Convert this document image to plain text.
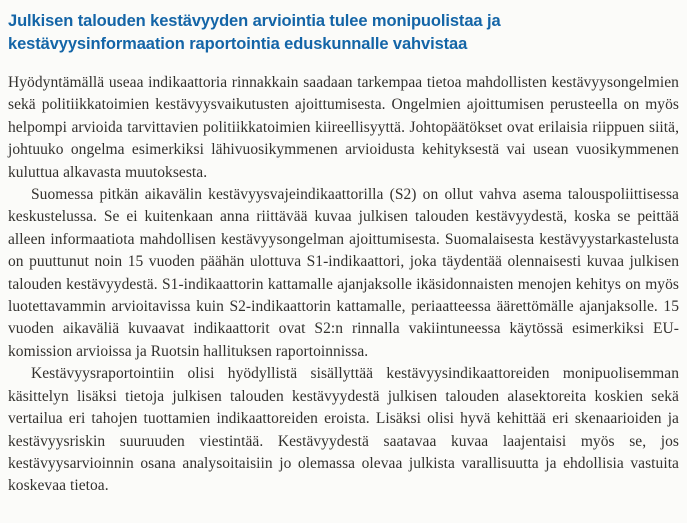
Julkisen talouden kestävyyden arviointia tulee monipuolistaa ja kestävyysinformaation raportointia eduskunnalle vahvistaa

Hyödyntämällä useaa indikaattoria rinnakkain saadaan tarkempaa tietoa mahdollisten kestävyysongelmien sekä politiikkatoimien kestävyysvaikutusten ajoittumisesta. Ongelmien ajoittumisen perusteella on myös helpompi arvioida tarvittavien politiikkatoimien kiireellisyyttä. Johtopäätökset ovat erilaisia riippuen siitä, johtuuko ongelma esimerkiksi lähivuosikymmenen arvioidusta kehityksestä vai usean vuosikymmenen kuluttua alkavasta muutoksesta.

Suomessa pitkän aikavälin kestävyysvajeindikaattorilla (S2) on ollut vahva asema talouspoliittisessa keskustelussa. Se ei kuitenkaan anna riittävää kuvaa julkisen talouden kestävyydestä, koska se peittää alleen informaatiota mahdollisen kestävyysongelman ajoittumisesta. Suomalaisesta kestävyystarkastelusta on puuttunut noin 15 vuoden päähän ulottuva S1-indikaattori, joka täydentää olennaisesti kuvaa julkisen talouden kestävyydestä. S1-indikaattorin kattamalle ajanjaksolle ikäsidonnaisten menojen kehitys on myös luotettavammin arvioitavissa kuin S2-indikaattorin kattamalle, periaatteessa äärettömälle ajanjaksolle. 15 vuoden aikaväliä kuvaavat indikaattorit ovat S2:n rinnalla vakiintuneessa käytössä esimerkiksi EU-komission arvioissa ja Ruotsin hallituksen raportoinnissa.

Kestävyysraportointiin olisi hyödyllistä sisällyttää kestävyysindikaattoreiden monipuolisemman käsittelyn lisäksi tietoja julkisen talouden kestävyydestä julkisen talouden alasektoreita koskien sekä vertailua eri tahojen tuottamien indikaattoreiden eroista. Lisäksi olisi hyvä kehittää eri skenaarioiden ja kestävyysriskin suuruuden viestintää. Kestävyydestä saatavaa kuvaa laajentaisi myös se, jos kestävyysarvioinnin osana analysoitaisiin jo olemassa olevaa julkista varallisuutta ja ehdollisia vastuita koskevaa tietoa.
